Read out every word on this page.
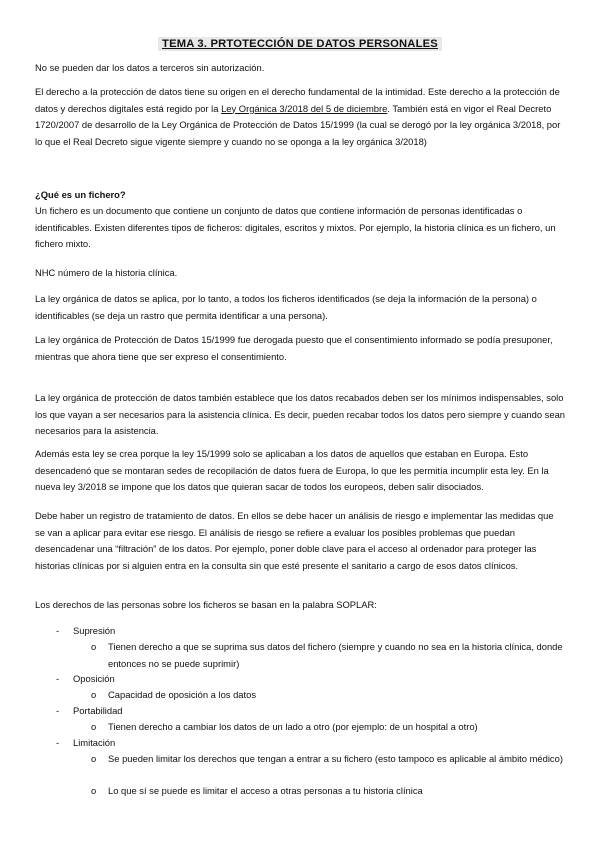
TEMA 3. PRTOTECCIÓN DE DATOS PERSONALES

No se pueden dar los datos a terceros sin autorización.

El derecho a la protección de datos tiene su origen en el derecho fundamental de la intimidad. Este derecho a la protección de datos y derechos digitales está regido por la Ley Orgánica 3/2018 del 5 de diciembre. También está en vigor el Real Decreto 1720/2007 de desarrollo de la Ley Orgánica de Protección de Datos 15/1999 (la cual se derogó por la ley orgánica 3/2018, por lo que el Real Decreto sigue vigente siempre y cuando no se oponga a la ley orgánica 3/2018)

¿Qué es un fichero?

Un fichero es un documento que contiene un conjunto de datos que contiene información de personas identificadas o identificables. Existen diferentes tipos de ficheros: digitales, escritos y mixtos. Por ejemplo, la historia clínica es un fichero, un fichero mixto.

NHC número de la historia clínica.

La ley orgánica de datos se aplica, por lo tanto, a todos los ficheros identificados (se deja la información de la persona) o identificables (se deja un rastro que permita identificar a una persona).

La ley orgánica de Protección de Datos 15/1999 fue derogada puesto que el consentimiento informado se podía presuponer, mientras que ahora tiene que ser expreso el consentimiento.

La ley orgánica de protección de datos también establece que los datos recabados deben ser los mínimos indispensables, solo los que vayan a ser necesarios para la asistencia clínica. Es decir, pueden recabar todos los datos pero siempre y cuando sean necesarios para la asistencia.

Además esta ley se crea porque la ley 15/1999 solo se aplicaban a los datos de aquellos que estaban en Europa. Esto desencadenó que se montaran sedes de recopilación de datos fuera de Europa, lo que les permitía incumplir esta ley. En la nueva ley 3/2018 se impone que los datos que quieran sacar de todos los europeos, deben salir disociados.

Debe haber un registro de tratamiento de datos. En ellos se debe hacer un análisis de riesgo e implementar las medidas que se van a aplicar para evitar ese riesgo. El análisis de riesgo se refiere a evaluar los posibles problemas que puedan desencadenar una “filtración” de los datos. Por ejemplo, poner doble clave para el acceso al ordenador para proteger las historias clínicas por si alguien entra en la consulta sin que esté presente el sanitario a cargo de esos datos clínicos.

Los derechos de las personas sobre los ficheros se basan en la palabra SOPLAR:

-	Supresión
o Tienen derecho a que se suprima sus datos del fichero (siempre y cuando no sea en la historia clínica, donde entonces no se puede suprimir)
-	Oposición
o Capacidad de oposición a los datos
-	Portabilidad
o Tienen derecho a cambiar los datos de un lado a otro (por ejemplo: de un hospital a otro)
-	Limitación
o Se pueden limitar los derechos que tengan a entrar a su fichero (esto tampoco es aplicable al ámbito médico)
o Lo que sí se puede es limitar el acceso a otras personas a tu historia clínica
